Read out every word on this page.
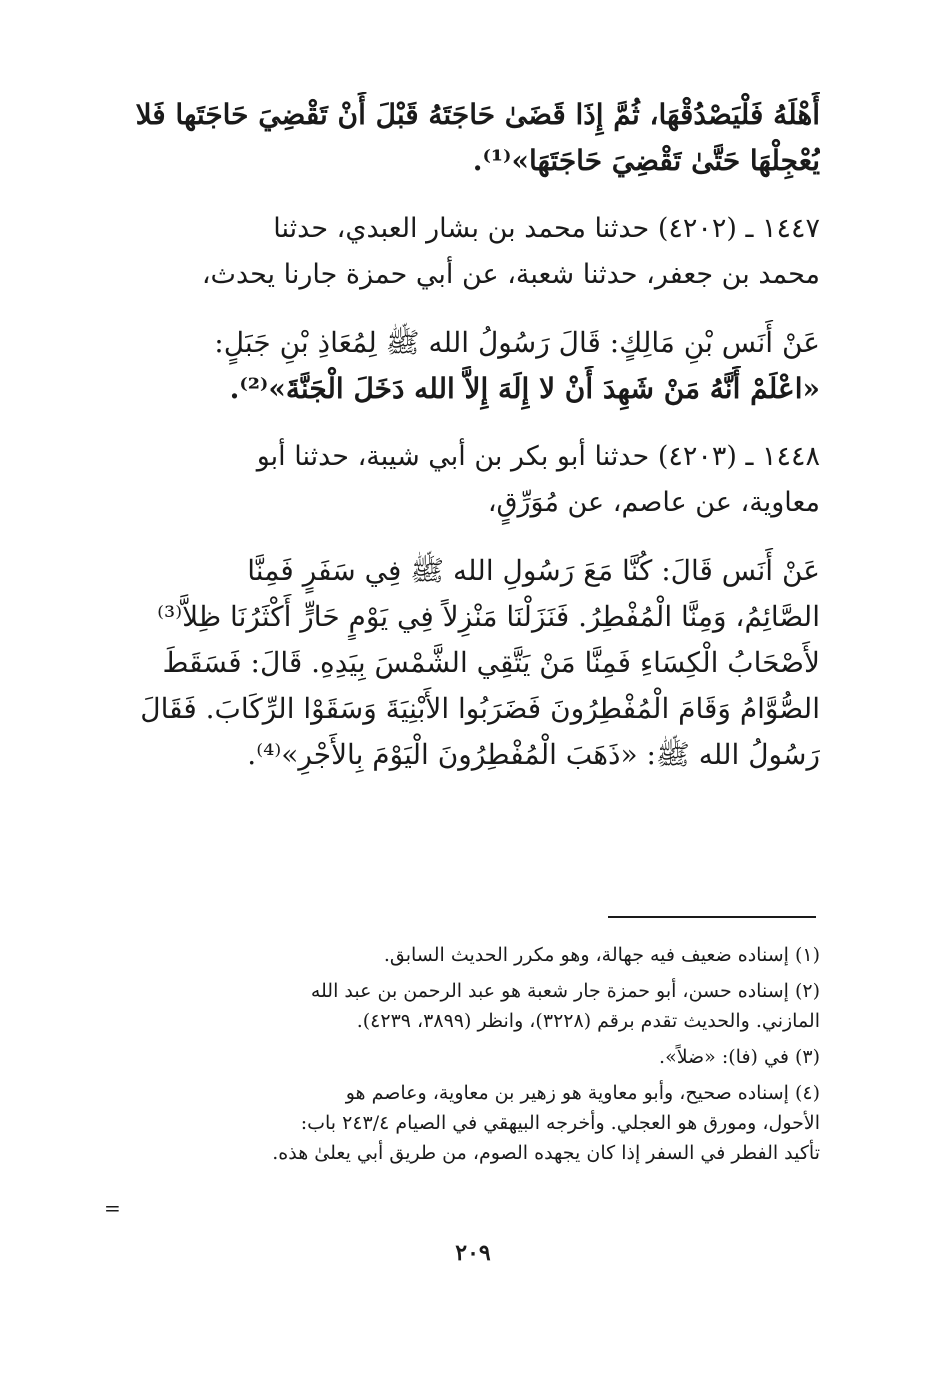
أَهْلَهُ فَلْيَصْدُقْهَا، ثُمَّ إِذَا قَضَىٰ حَاجَتَهُ قَبْلَ أَنْ تَقْضِيَ حَاجَتَها فَلا
يُعْجِلْهَا حَتَّىٰ تَقْضِيَ حَاجَتَهَا»⁽¹⁾.
١٤٤٧ ـ (٤٢٠٢) حدثنا محمد بن بشار العبدي، حدثنا
محمد بن جعفر، حدثنا شعبة، عن أبي حمزة جارنا يحدث،
عَنْ أَنَس بْنِ مَالِكٍ: قَالَ رَسُولُ الله ﷺ لِمُعَاذِ بْنِ جَبَلٍ:
«اعْلَمْ أَنَّهُ مَنْ شَهِدَ أَنْ لا إِلَهَ إِلاَّ الله دَخَلَ الْجَنَّةَ»⁽²⁾.
١٤٤٨ ـ (٤٢٠٣) حدثنا أبو بكر بن أبي شيبة، حدثنا أبو
معاوية، عن عاصم، عن مُوَرِّقٍ،
عَنْ أَنَس قَالَ: كُنَّا مَعَ رَسُولِ الله ﷺ فِي سَفَرٍ فَمِنَّا
الصَّائِمُ، وَمِنَّا الْمُفْطِرُ. فَنَزَلْنَا مَنْزِلاً فِي يَوْمٍ حَارٍّ أَكْثَرُنَا ظِلاًّ⁽³⁾
لأَصْحَابُ الْكِسَاءِ فَمِنَّا مَنْ يَتَّقِي الشَّمْسَ بِيَدِهِ. قَالَ: فَسَقَطَ
الصُّوَّامُ وَقَامَ الْمُفْطِرُونَ فَضَرَبُوا الأَبْنِيَةَ وَسَقَوْا الرِّكَابَ. فَقَالَ
رَسُولُ الله ﷺ: «ذَهَبَ الْمُفْطِرُونَ الْيَوْمَ بِالأَجْرِ»⁽⁴⁾.
(١) إسناده ضعيف فيه جهالة، وهو مكرر الحديث السابق.
(٢) إسناده حسن، أبو حمزة جار شعبة هو عبد الرحمن بن عبد الله
المازني. والحديث تقدم برقم (٣٢٢٨)، وانظر (٣٨٩٩، ٤٢٣٩).
(٣) في (فا): «ضلاً».
(٤) إسناده صحيح، وأبو معاوية هو زهير بن معاوية، وعاصم هو
الأحول، ومورق هو العجلي. وأخرجه البيهقي في الصيام ٢٤٣/٤ باب:
تأكيد الفطر في السفر إذا كان يجهده الصوم، من طريق أبي يعلىٰ هذه.
=
٢٠٩
